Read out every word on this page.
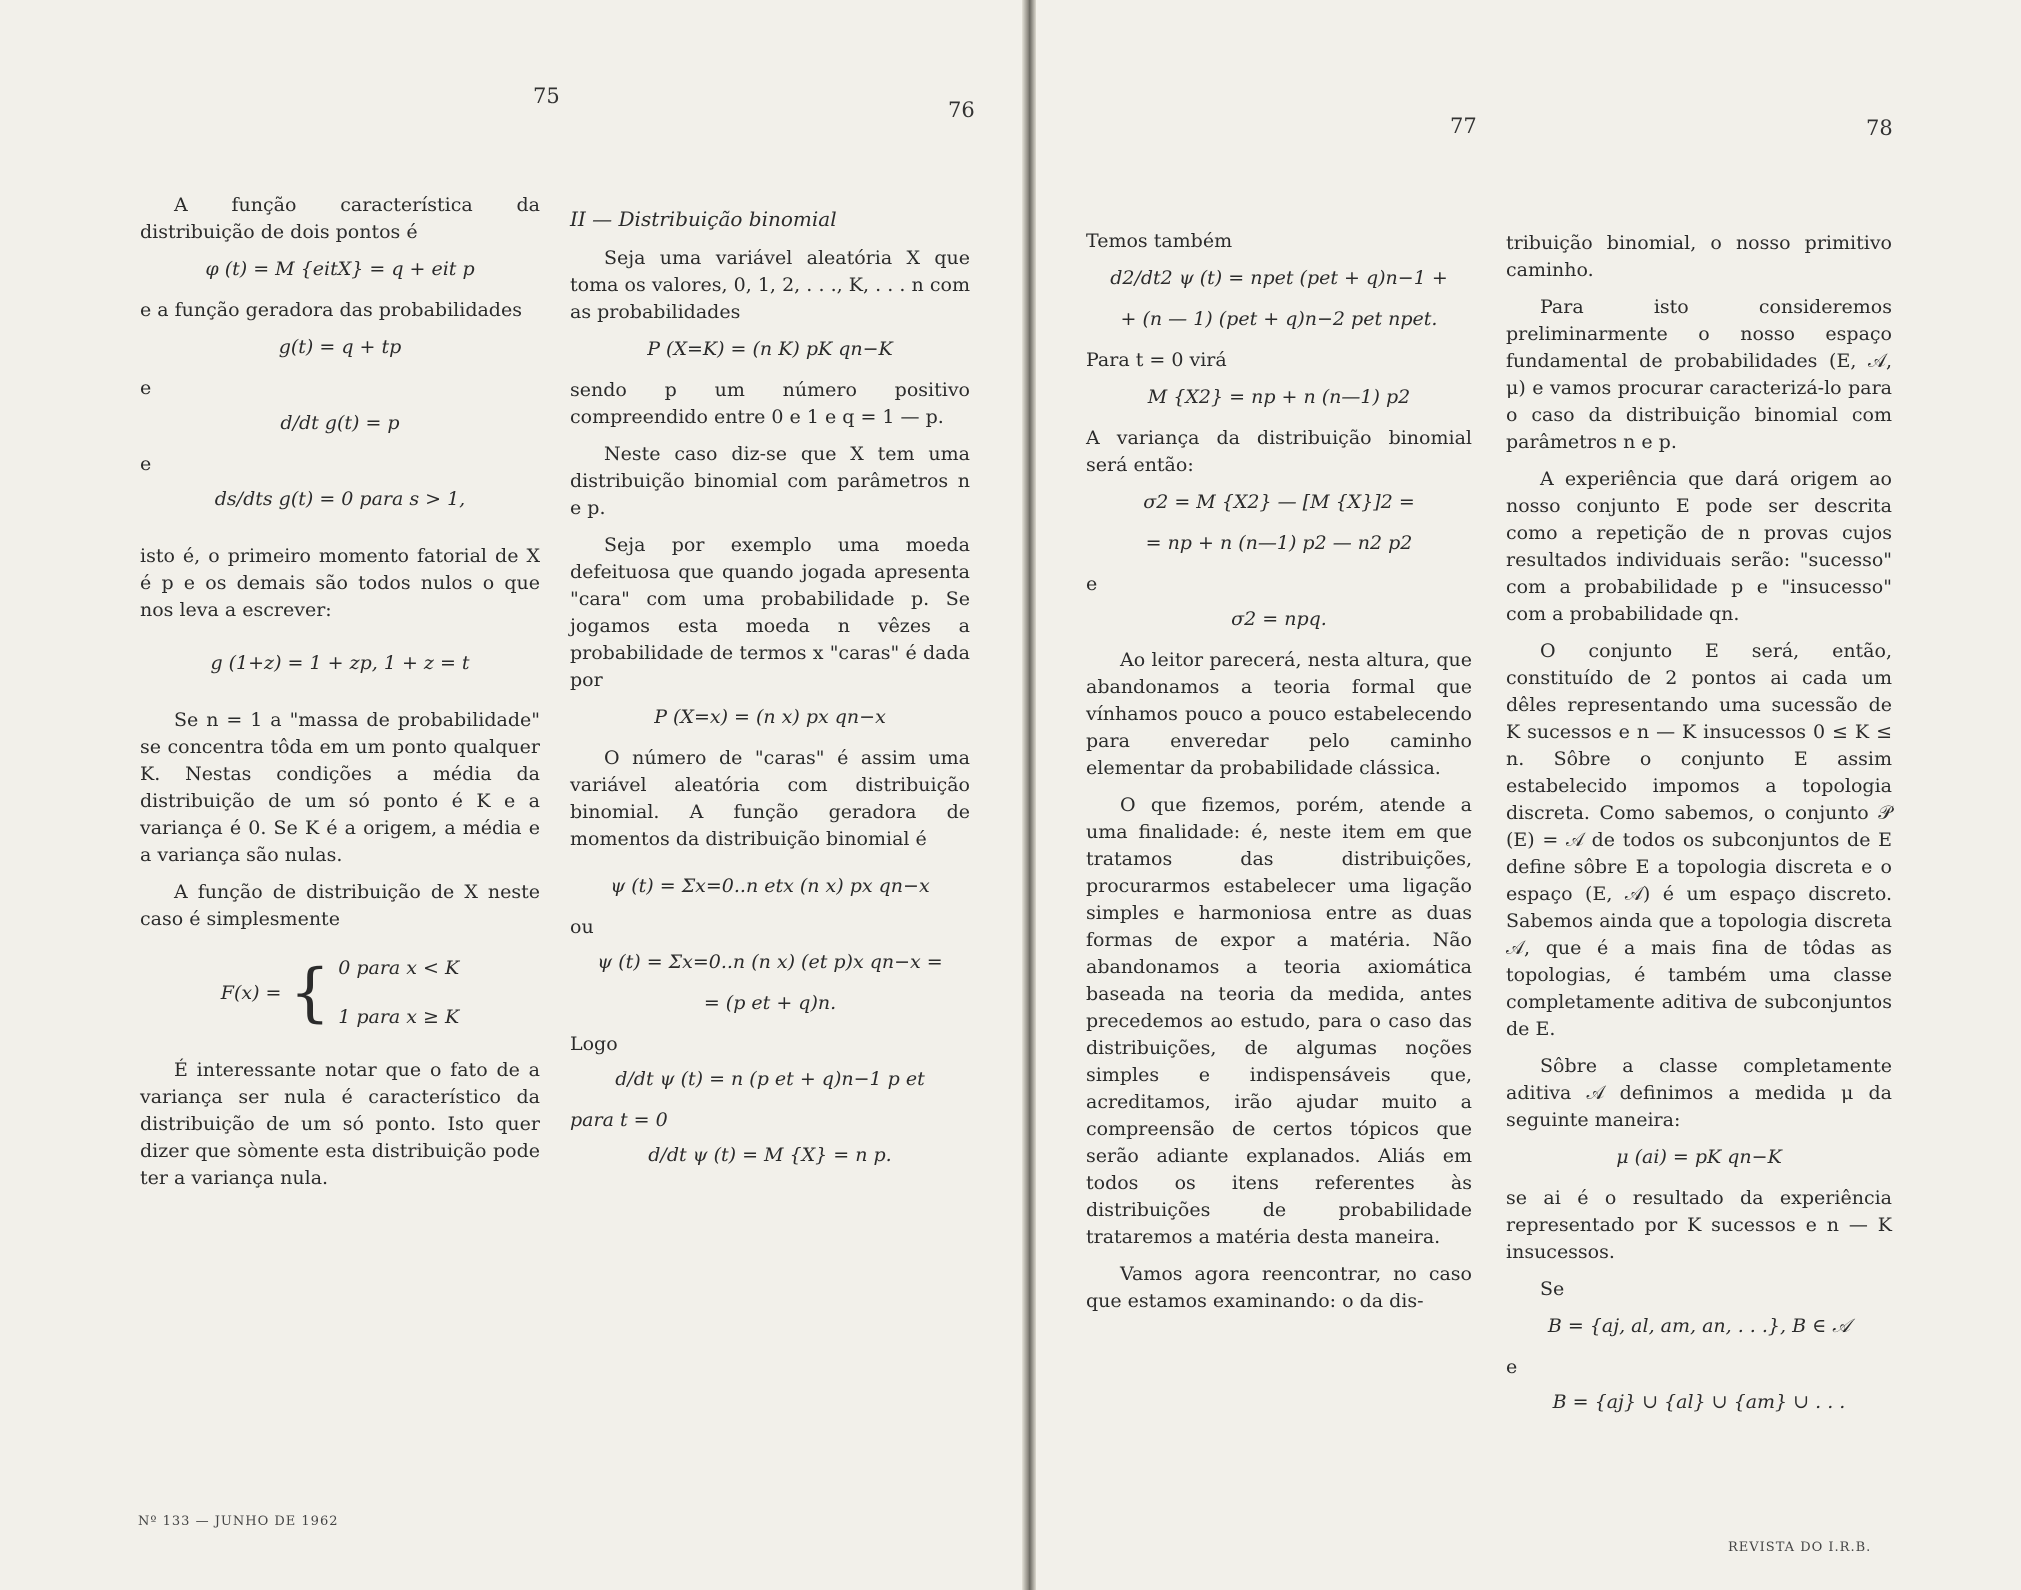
75
76
77	78

A função característica da distribuição de dois pontos é

φ (t) = M {eitX} = q + eit p

e a função geradora das probabilidades

g(t) = q + tp
e
d/dt g(t) = p
e
ds/dts g(t) = 0 para s > 1,

isto é, o primeiro momento fatorial de X é p e os demais são todos nulos o que nos leva a escrever:

g (1+z) = 1 + zp, 1 + z = t

Se n = 1 a "massa de probabilidade" se concentra tôda em um ponto qualquer K. Nestas condições a média da distribuição de um só ponto é K e a variança é 0. Se K é a origem, a média e a variança são nulas.

A função de distribuição de X neste caso é simplesmente

F(x) = { 0 para x < K
1 para x ≥ K

É interessante notar que o fato de a variança ser nula é característico da distribuição de um só ponto. Isto quer dizer que sòmente esta distribuição pode ter a variança nula.

Nº 133 — JUNHO DE 1962
II — Distribuição binomial

Seja uma variável aleatória X que toma os valores, 0, 1, 2, . . ., K, . . . n com as probabilidades

P (X=K) = (n K) pK qn−K

sendo p um número positivo compreendido entre 0 e 1 e q = 1 — p.

Neste caso diz-se que X tem uma distribuição binomial com parâmetros n e p.

Seja por exemplo uma moeda defeituosa que quando jogada apresenta "cara" com uma probabilidade p. Se jogamos esta moeda n vêzes a probabilidade de termos x "caras" é dada por

P (X=x) = (n x) px qn−x

O número de "caras" é assim uma variável aleatória com distribuição binomial. A função geradora de momentos da distribuição binomial é

ψ (t) = Σx=0..n etx (n x) px qn−x
ou
ψ (t) = Σx=0..n (n x) (et p)x qn−x =
= (p et + q)n.
Logo
d/dt ψ (t) = n (p et + q)n−1 p et
para t = 0
d/dt ψ (t) = M {X} = n p.

Temos também

d2/dt2 ψ (t) = npet (pet + q)n−1 +
+ (n — 1) (pet + q)n−2 pet npet.

Para t = 0 virá

M {X2} = np + n (n—1) p2

A variança da distribuição binomial será então:

σ2 = M {X2} — [M {X}]2 =
= np + n (n—1) p2 — n2 p2
e
σ2 = npq.

Ao leitor parecerá, nesta altura, que abandonamos a teoria formal que vínhamos pouco a pouco estabelecendo para enveredar pelo caminho elementar da probabilidade clássica.

O que fizemos, porém, atende a uma finalidade: é, neste item em que tratamos das distribuições, procurarmos estabelecer uma ligação simples e harmoniosa entre as duas formas de expor a matéria. Não abandonamos a teoria axiomática baseada na teoria da medida, antes precedemos ao estudo, para o caso das distribuições, de algumas noções simples e indispensáveis que, acreditamos, irão ajudar muito a compreensão de certos tópicos que serão adiante explanados. Aliás em todos os itens referentes às distribuições de probabilidade trataremos a matéria desta maneira.

Vamos agora reencontrar, no caso que estamos examinando: o da dis-

tribuição binomial, o nosso primitivo caminho.

Para isto consideremos preliminarmente o nosso espaço fundamental de probabilidades (E, 𝒜, μ) e vamos procurar caracterizá-lo para o caso da distribuição binomial com parâmetros n e p.

A experiência que dará origem ao nosso conjunto E pode ser descrita como a repetição de n provas cujos resultados individuais serão: "sucesso" com a probabilidade p e "insucesso" com a probabilidade qn.

O conjunto E será, então, constituído de 2 pontos ai cada um dêles representando uma sucessão de K sucessos e n — K insucessos 0 ≤ K ≤ n. Sôbre o conjunto E assim estabelecido impomos a topologia discreta. Como sabemos, o conjunto 𝒫 (E) = 𝒜 de todos os subconjuntos de E define sôbre E a topologia discreta e o espaço (E, 𝒜) é um espaço discreto. Sabemos ainda que a topologia discreta 𝒜, que é a mais fina de tôdas as topologias, é também uma classe completamente aditiva de subconjuntos de E.

Sôbre a classe completamente aditiva 𝒜 definimos a medida μ da seguinte maneira:

μ (ai) = pK qn−K

se ai é o resultado da experiência representado por K sucessos e n — K insucessos.

Se

B = {aj, al, am, an, . . .}, B ∈ 𝒜
e
B = {aj} ∪ {al} ∪ {am} ∪ . . .
REVISTA DO I.R.B.
